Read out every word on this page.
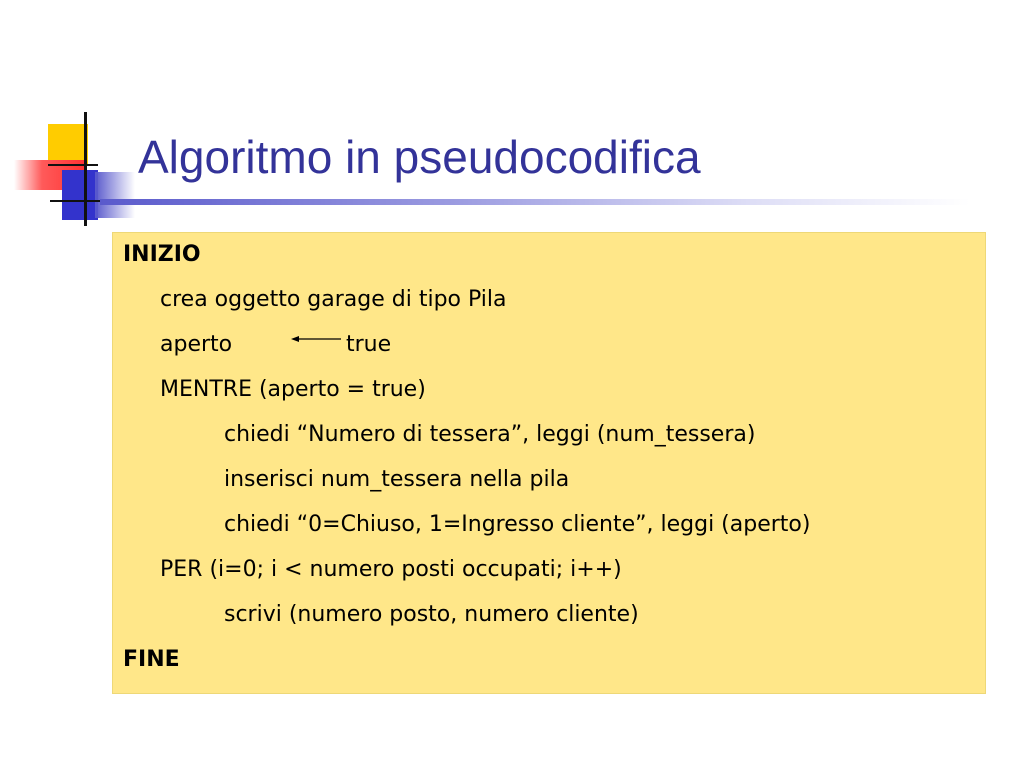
Algoritmo in pseudocodifica
INIZIO
crea oggetto garage di tipo Pila
aperto	true
MENTRE (aperto = true)
chiedi “Numero di tessera”, leggi (num_tessera)
inserisci num_tessera nella pila
chiedi “0=Chiuso, 1=Ingresso cliente”, leggi (aperto)
PER (i=0; i < numero posti occupati; i++)
scrivi (numero posto, numero cliente)
FINE
